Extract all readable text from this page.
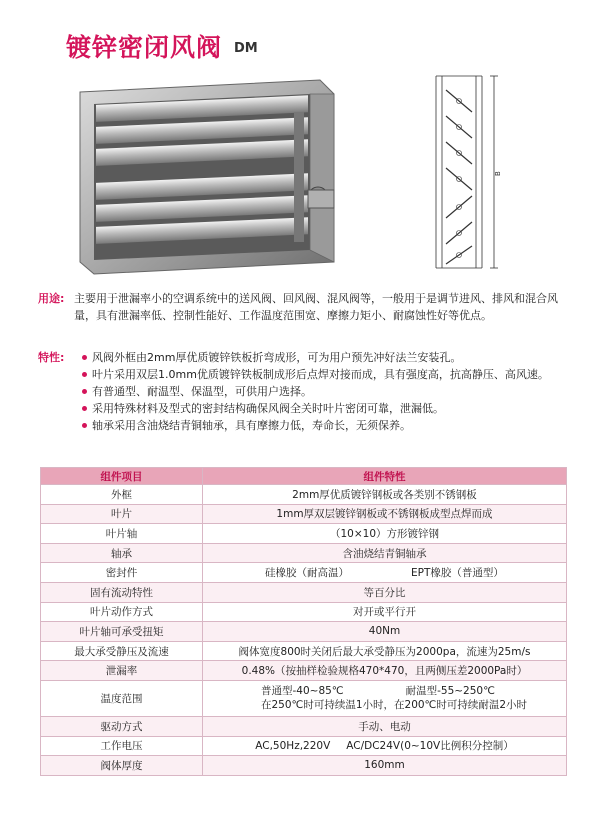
镀锌密闭风阀 DM
B
用途: 主要用于泄漏率小的空调系统中的送风阀、回风阀、混风阀等，一般用于是调节进风、排风和混合风量，具有泄漏率低、控制性能好、工作温度范围宽、摩擦力矩小、耐腐蚀性好等优点。
特性:	风阀外框由2mm厚优质镀锌铁板折弯成形，可为用户预先冲好法兰安装孔。
叶片采用双层1.0mm优质镀锌铁板制成形后点焊对接而成，具有强度高，抗高静压、高风速。
有普通型、耐温型、保温型，可供用户选择。
采用特殊材料及型式的密封结构确保风阀全关时叶片密闭可靠，泄漏低。
轴承采用含油烧结青铜轴承，具有摩擦力低，寿命长，无须保养。
组件项目	组件特性
外框	2mm厚优质镀锌钢板或各类别不锈钢板
叶片	1mm厚双层镀锌钢板或不锈钢板成型点焊而成
叶片轴	（10×10）方形镀锌钢
轴承	含油烧结青铜轴承
密封件	硅橡胶（耐高温） EPT橡胶（普通型）
固有流动特性	等百分比
叶片动作方式	对开或平行开
叶片轴可承受扭矩	40Nm
最大承受静压及流速	阀体宽度800时关闭后最大承受静压为2000pa，流速为25m/s
泄漏率	0.48%（按抽样检验规格470*470，且两侧压差2000Pa时）
温度范围	普通型-40~85℃ 耐温型-55~250℃
在250℃时可持续温1小时，在200℃时可持续耐温2小时
驱动方式	手动、电动
工作电压	AC,50Hz,220V AC/DC24V(0~10V比例积分控制）
阀体厚度	160mm
